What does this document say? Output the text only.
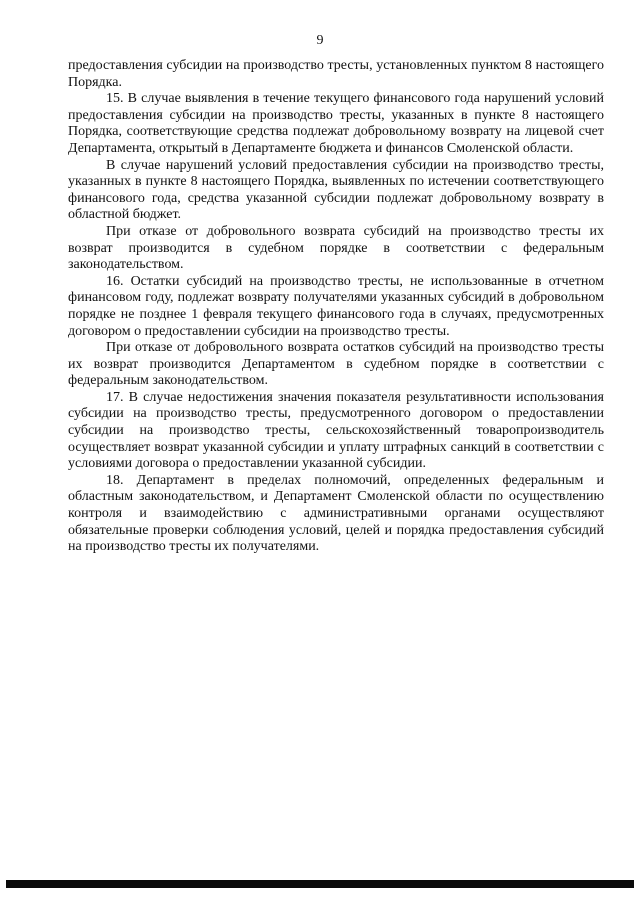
9

предоставления субсидии на производство тресты, установленных пунктом 8 настоящего Порядка.

15. В случае выявления в течение текущего финансового года нарушений условий предоставления субсидии на производство тресты, указанных в пункте 8 настоящего Порядка, соответствующие средства подлежат добровольному возврату на лицевой счет Департамента, открытый в Департаменте бюджета и финансов Смоленской области.

В случае нарушений условий предоставления субсидии на производство тресты, указанных в пункте 8 настоящего Порядка, выявленных по истечении соответствующего финансового года, средства указанной субсидии подлежат добровольному возврату в областной бюджет.

При отказе от добровольного возврата субсидий на производство тресты их возврат производится в судебном порядке в соответствии с федеральным законодательством.

16. Остатки субсидий на производство тресты, не использованные в отчетном финансовом году, подлежат возврату получателями указанных субсидий в добровольном порядке не позднее 1 февраля текущего финансового года в случаях, предусмотренных договором о предоставлении субсидии на производство тресты.

При отказе от добровольного возврата остатков субсидий на производство тресты их возврат производится Департаментом в судебном порядке в соответствии с федеральным законодательством.

17. В случае недостижения значения показателя результативности использования субсидии на производство тресты, предусмотренного договором о предоставлении субсидии на производство тресты, сельскохозяйственный товаропроизводитель осуществляет возврат указанной субсидии и уплату штрафных санкций в соответствии с условиями договора о предоставлении указанной субсидии.

18. Департамент в пределах полномочий, определенных федеральным и областным законодательством, и Департамент Смоленской области по осуществлению контроля и взаимодействию с административными органами осуществляют обязательные проверки соблюдения условий, целей и порядка предоставления субсидий на производство тресты их получателями.
